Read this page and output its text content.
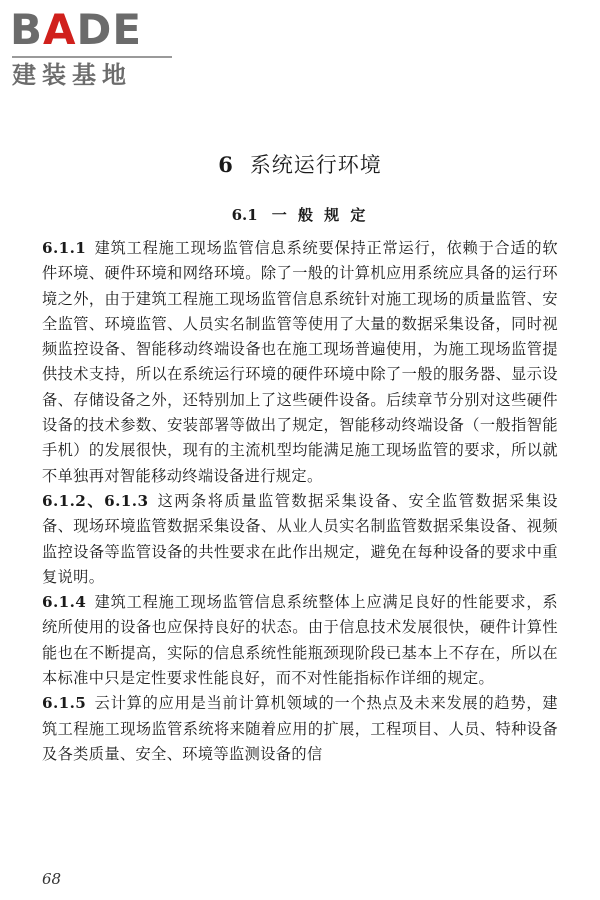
BADE
建装基地
6 系统运行环境
6.1 一 般 规 定

6.1.1 建筑工程施工现场监管信息系统要保持正常运行，依赖于合适的软件环境、硬件环境和网络环境。除了一般的计算机应用系统应具备的运行环境之外，由于建筑工程施工现场监管信息系统针对施工现场的质量监管、安全监管、环境监管、人员实名制监管等使用了大量的数据采集设备，同时视频监控设备、智能移动终端设备也在施工现场普遍使用，为施工现场监管提供技术支持，所以在系统运行环境的硬件环境中除了一般的服务器、显示设备、存储设备之外，还特别加上了这些硬件设备。后续章节分别对这些硬件设备的技术参数、安装部署等做出了规定，智能移动终端设备（一般指智能手机）的发展很快，现有的主流机型均能满足施工现场监管的要求，所以就不单独再对智能移动终端设备进行规定。

6.1.2、6.1.3 这两条将质量监管数据采集设备、安全监管数据采集设备、现场环境监管数据采集设备、从业人员实名制监管数据采集设备、视频监控设备等监管设备的共性要求在此作出规定，避免在每种设备的要求中重复说明。

6.1.4 建筑工程施工现场监管信息系统整体上应满足良好的性能要求，系统所使用的设备也应保持良好的状态。由于信息技术发展很快，硬件计算性能也在不断提高，实际的信息系统性能瓶颈现阶段已基本上不存在，所以在本标准中只是定性要求性能良好，而不对性能指标作详细的规定。

6.1.5 云计算的应用是当前计算机领域的一个热点及未来发展的趋势，建筑工程施工现场监管系统将来随着应用的扩展，工程项目、人员、特种设备及各类质量、安全、环境等监测设备的信

68
